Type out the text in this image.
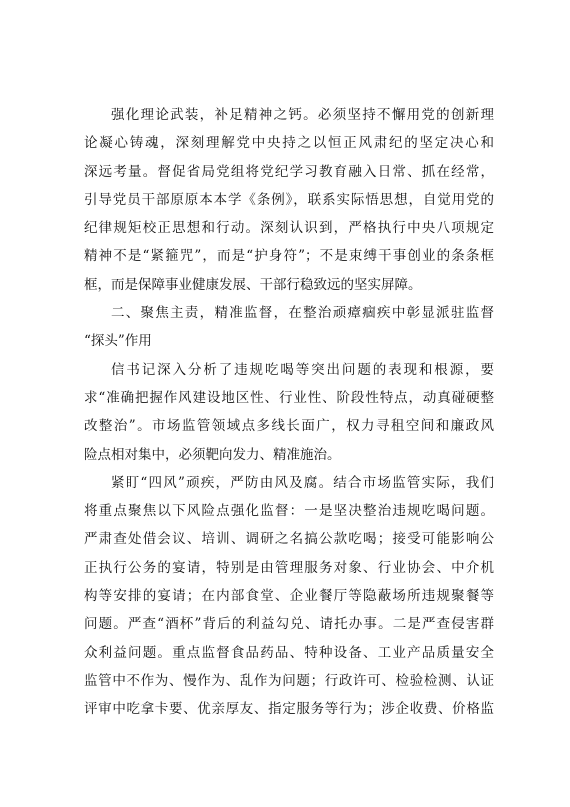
强化理论武装，补足精神之钙。必须坚持不懈用党的创新理
论凝心铸魂，深刻理解党中央持之以恒正风肃纪的坚定决心和
深远考量。督促省局党组将党纪学习教育融入日常、抓在经常，
引导党员干部原原本本学《条例》，联系实际悟思想，自觉用党的
纪律规矩校正思想和行动。深刻认识到，严格执行中央八项规定
精神不是“紧箍咒”，而是“护身符”；不是束缚干事创业的条条框
框，而是保障事业健康发展、干部行稳致远的坚实屏障。
二、聚焦主责，精准监督，在整治顽瘴痼疾中彰显派驻监督
“探头”作用
信书记深入分析了违规吃喝等突出问题的表现和根源，要
求“准确把握作风建设地区性、行业性、阶段性特点，动真碰硬整
改整治”。市场监管领域点多线长面广，权力寻租空间和廉政风
险点相对集中，必须靶向发力、精准施治。
紧盯“四风”顽疾，严防由风及腐。结合市场监管实际，我们
将重点聚焦以下风险点强化监督：一是坚决整治违规吃喝问题。
严肃查处借会议、培训、调研之名搞公款吃喝；接受可能影响公
正执行公务的宴请，特别是由管理服务对象、行业协会、中介机
构等安排的宴请；在内部食堂、企业餐厅等隐蔽场所违规聚餐等
问题。严查“酒杯”背后的利益勾兑、请托办事。二是严查侵害群
众利益问题。重点监督食品药品、特种设备、工业产品质量安全
监管中不作为、慢作为、乱作为问题；行政许可、检验检测、认证
评审中吃拿卡要、优亲厚友、指定服务等行为；涉企收费、价格监
